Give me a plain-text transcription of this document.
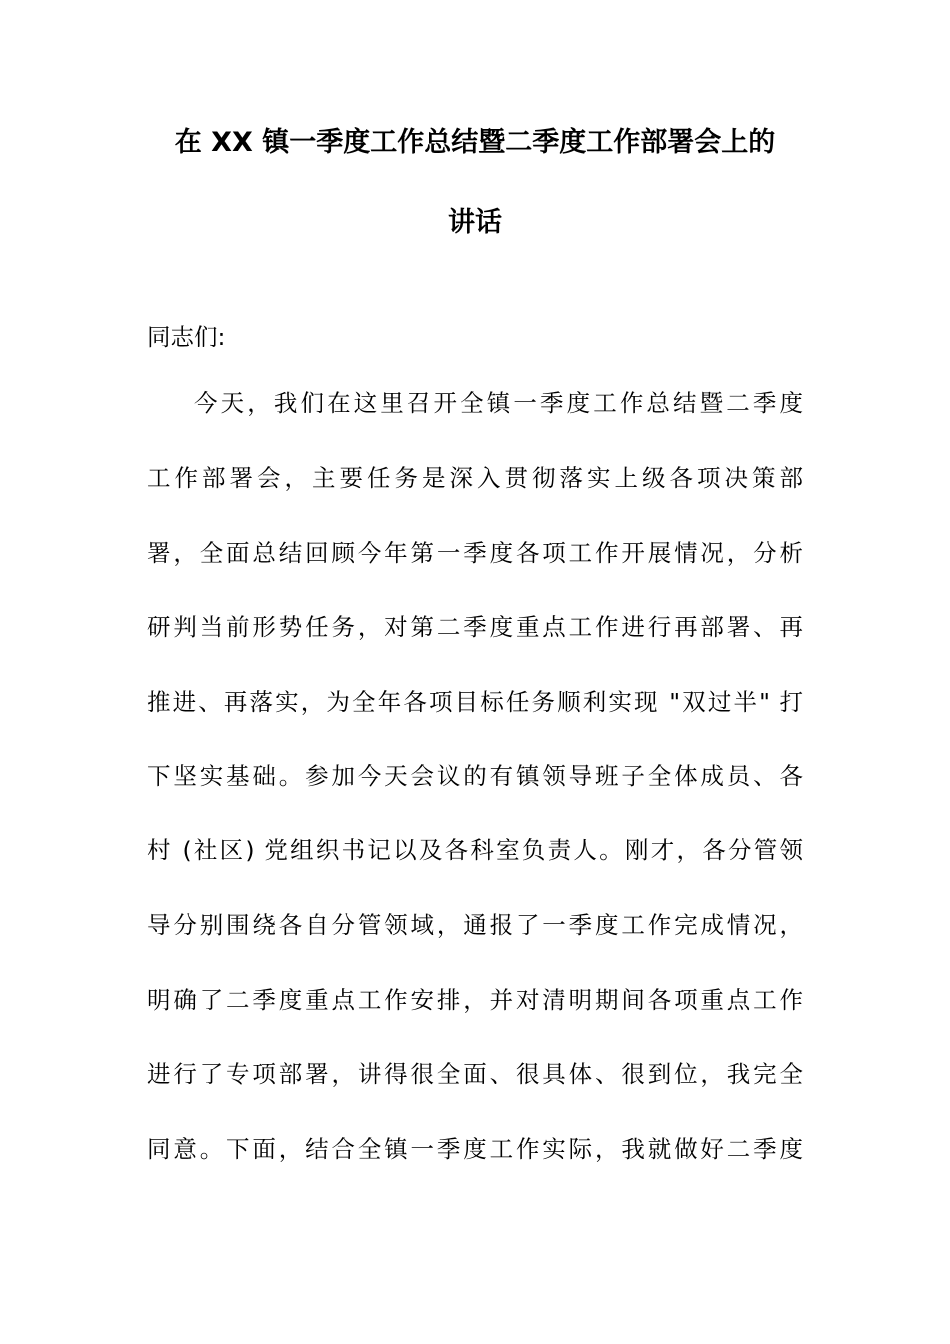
在 XX 镇一季度工作总结暨二季度工作部署会上的
讲话
同志们:
今天，我们在这里召开全镇一季度工作总结暨二季度
工作部署会，主要任务是深入贯彻落实上级各项决策部
署，全面总结回顾今年第一季度各项工作开展情况，分析
研判当前形势任务，对第二季度重点工作进行再部署、再
推进、再落实，为全年各项目标任务顺利实现 "双过半" 打
下坚实基础。参加今天会议的有镇领导班子全体成员、各
村 (社区) 党组织书记以及各科室负责人。刚才，各分管领
导分别围绕各自分管领域，通报了一季度工作完成情况，
明确了二季度重点工作安排，并对清明期间各项重点工作
进行了专项部署，讲得很全面、很具体、很到位，我完全
同意。下面，结合全镇一季度工作实际，我就做好二季度
